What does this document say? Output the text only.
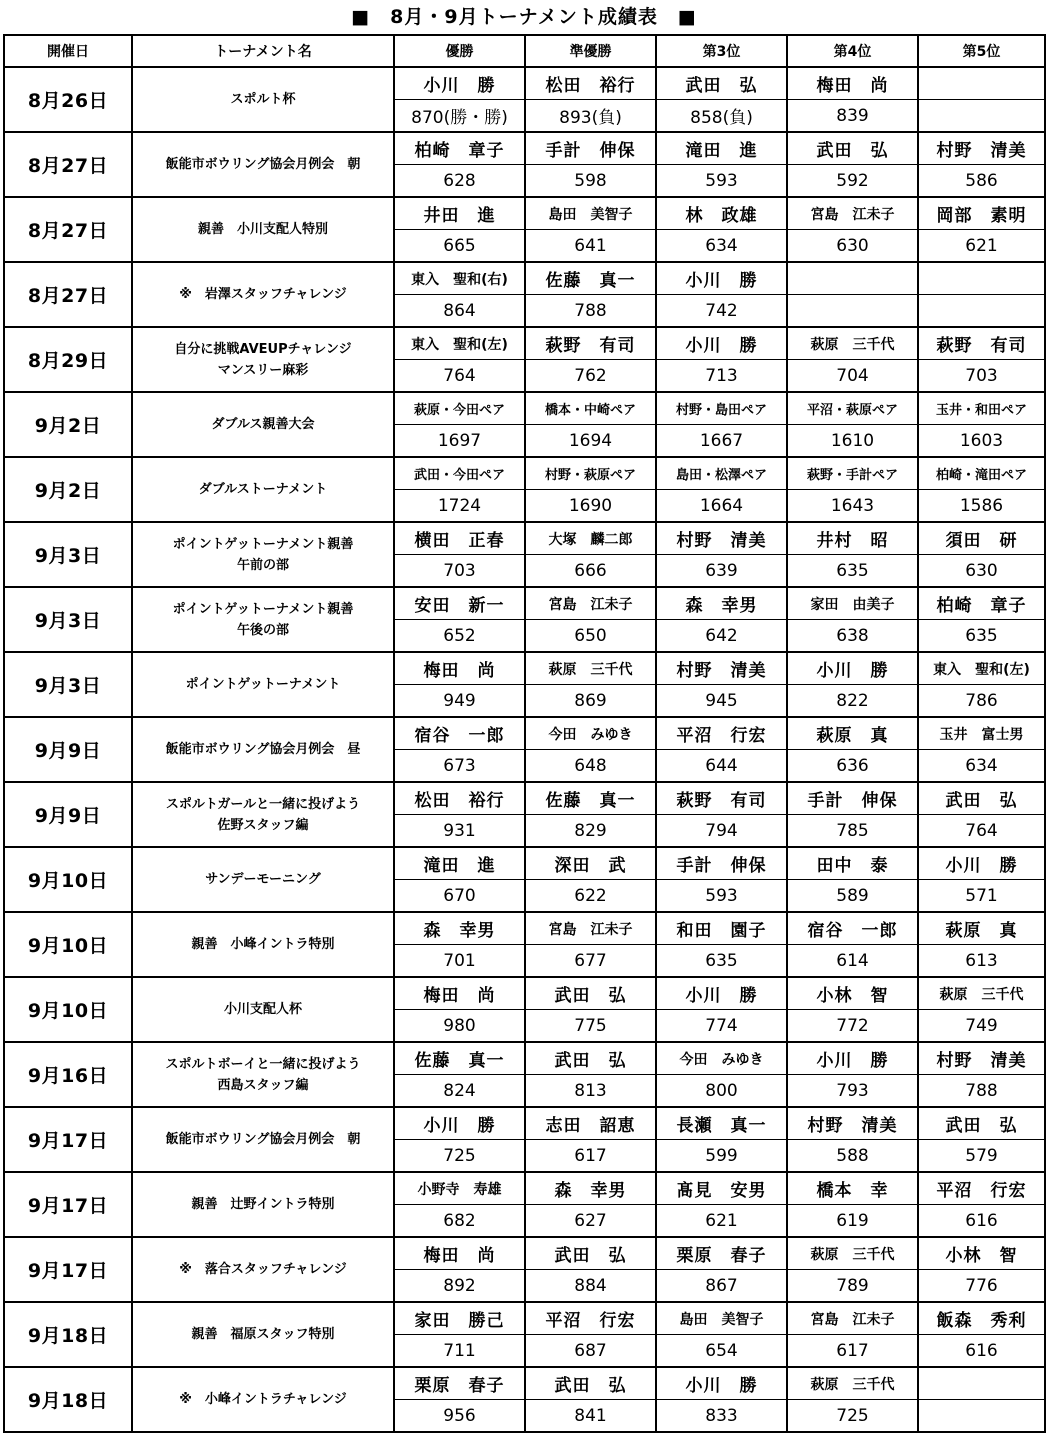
■　8月・9月トーナメント成績表　■
開催日	トーナメント名	優勝	準優勝	第3位	第4位	第5位
8月26日	スポルト杯	小川　勝	松田　裕行	武田　弘	梅田　尚	
		870(勝・勝)	893(負)	858(負)	839	
8月27日	飯能市ボウリング協会月例会　朝	柏崎　章子	手計　伸保	滝田　進	武田　弘	村野　清美
		628	598	593	592	586
8月27日	親善　小川支配人特別	井田　進	島田　美智子	林　政雄	宮島　江未子	岡部　素明
		665	641	634	630	621
8月27日	※　岩澤スタッフチャレンジ	東入　聖和(右)	佐藤　真一	小川　勝		
		864	788	742		
8月29日	自分に挑戦AVEUPチャレンジ
マンスリー麻彩	東入　聖和(左)	萩野　有司	小川　勝	萩原　三千代	萩野　有司
		764	762	713	704	703
9月2日	ダブルス親善大会	萩原・今田ペア	橋本・中崎ペア	村野・島田ペア	平沼・萩原ペア	玉井・和田ペア
		1697	1694	1667	1610	1603
9月2日	ダブルストーナメント	武田・今田ペア	村野・萩原ペア	島田・松澤ペア	萩野・手計ペア	柏崎・滝田ペア
		1724	1690	1664	1643	1586
9月3日	ポイントゲットーナメント親善
午前の部	横田　正春	大塚　麟二郎	村野　清美	井村　昭	須田　研
		703	666	639	635	630
9月3日	ポイントゲットーナメント親善
午後の部	安田　新一	宮島　江未子	森　幸男	家田　由美子	柏崎　章子
		652	650	642	638	635
9月3日	ポイントゲットーナメント	梅田　尚	萩原　三千代	村野　清美	小川　勝	東入　聖和(左)
		949	869	945	822	786
9月9日	飯能市ボウリング協会月例会　昼	宿谷　一郎	今田　みゆき	平沼　行宏	萩原　真	玉井　富士男
		673	648	644	636	634
9月9日	スポルトガールと一緒に投げよう
佐野スタッフ編	松田　裕行	佐藤　真一	萩野　有司	手計　伸保	武田　弘
		931	829	794	785	764
9月10日	サンデーモーニング	滝田　進	深田　武	手計　伸保	田中　泰	小川　勝
		670	622	593	589	571
9月10日	親善　小峰イントラ特別	森　幸男	宮島　江未子	和田　園子	宿谷　一郎	萩原　真
		701	677	635	614	613
9月10日	小川支配人杯	梅田　尚	武田　弘	小川　勝	小林　智	萩原　三千代
		980	775	774	772	749
9月16日	スポルトボーイと一緒に投げよう
西島スタッフ編	佐藤　真一	武田　弘	今田　みゆき	小川　勝	村野　清美
		824	813	800	793	788
9月17日	飯能市ボウリング協会月例会　朝	小川　勝	志田　詔恵	長瀬　真一	村野　清美	武田　弘
		725	617	599	588	579
9月17日	親善　辻野イントラ特別	小野寺　寿雄	森　幸男	髙見　安男	橋本　幸	平沼　行宏
		682	627	621	619	616
9月17日	※　落合スタッフチャレンジ	梅田　尚	武田　弘	栗原　春子	萩原　三千代	小林　智
		892	884	867	789	776
9月18日	親善　福原スタッフ特別	家田　勝己	平沼　行宏	島田　美智子	宮島　江未子	飯森　秀利
		711	687	654	617	616
9月18日	※　小峰イントラチャレンジ	栗原　春子	武田　弘	小川　勝	萩原　三千代	
		956	841	833	725	
